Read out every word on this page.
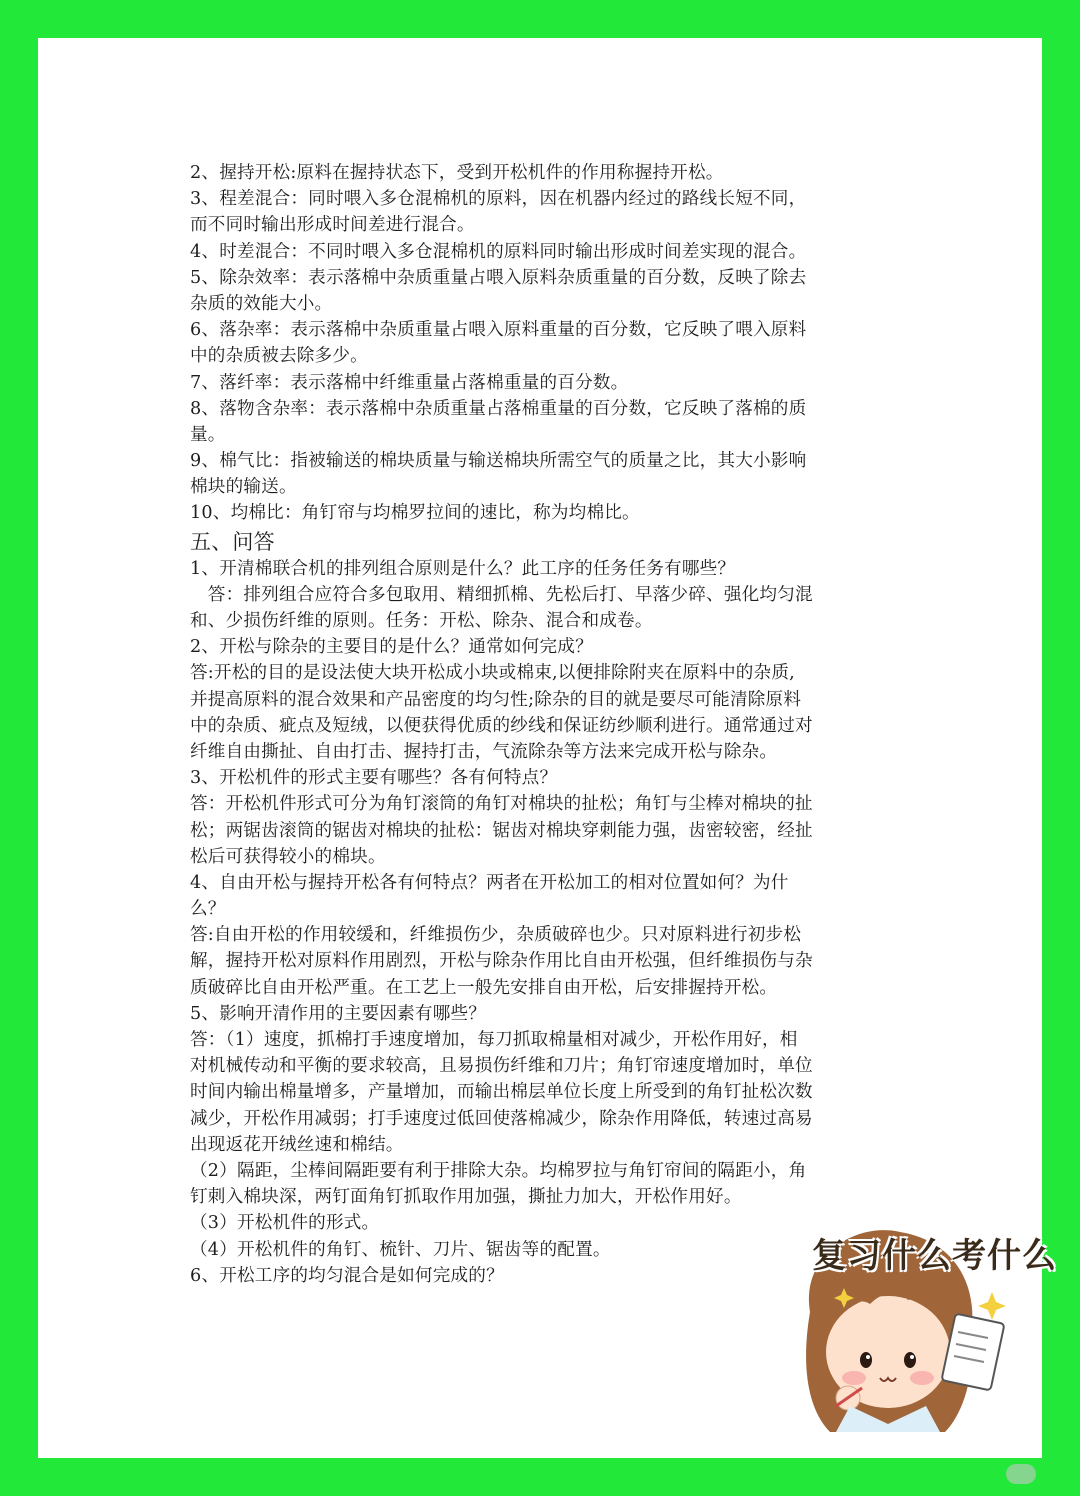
2、握持开松:原料在握持状态下，受到开松机件的作用称握持开松。
3、程差混合：同时喂入多仓混棉机的原料，因在机器内经过的路线长短不同，
而不同时输出形成时间差进行混合。
4、时差混合：不同时喂入多仓混棉机的原料同时输出形成时间差实现的混合。
5、除杂效率：表示落棉中杂质重量占喂入原料杂质重量的百分数，反映了除去
杂质的效能大小。
6、落杂率：表示落棉中杂质重量占喂入原料重量的百分数，它反映了喂入原料
中的杂质被去除多少。
7、落纤率：表示落棉中纤维重量占落棉重量的百分数。
8、落物含杂率：表示落棉中杂质重量占落棉重量的百分数，它反映了落棉的质
量。
9、棉气比：指被输送的棉块质量与输送棉块所需空气的质量之比，其大小影响
棉块的输送。
10、均棉比：角钉帘与均棉罗拉间的速比，称为均棉比。
五、问答
1、开清棉联合机的排列组合原则是什么？此工序的任务任务有哪些？
　答：排列组合应符合多包取用、精细抓棉、先松后打、早落少碎、强化均匀混
和、少损伤纤维的原则。任务：开松、除杂、混合和成卷。
2、开松与除杂的主要目的是什么？通常如何完成？
答:开松的目的是设法使大块开松成小块或棉束,以便排除附夹在原料中的杂质,
并提高原料的混合效果和产品密度的均匀性;除杂的目的就是要尽可能清除原料
中的杂质、疵点及短绒，以便获得优质的纱线和保证纺纱顺利进行。通常通过对
纤维自由撕扯、自由打击、握持打击，气流除杂等方法来完成开松与除杂。
3、开松机件的形式主要有哪些？各有何特点？
答：开松机件形式可分为角钉滚筒的角钉对棉块的扯松；角钉与尘棒对棉块的扯
松；两锯齿滚筒的锯齿对棉块的扯松：锯齿对棉块穿刺能力强，齿密较密，经扯
松后可获得较小的棉块。
4、自由开松与握持开松各有何特点？两者在开松加工的相对位置如何？为什
么？
答:自由开松的作用较缓和，纤维损伤少，杂质破碎也少。只对原料进行初步松
解，握持开松对原料作用剧烈，开松与除杂作用比自由开松强，但纤维损伤与杂
质破碎比自由开松严重。在工艺上一般先安排自由开松，后安排握持开松。
5、影响开清作用的主要因素有哪些？
答：（1）速度，抓棉打手速度增加，每刀抓取棉量相对减少，开松作用好，相
对机械传动和平衡的要求较高，且易损伤纤维和刀片；角钉帘速度增加时，单位
时间内输出棉量增多，产量增加，而输出棉层单位长度上所受到的角钉扯松次数
减少，开松作用减弱；打手速度过低回使落棉减少，除杂作用降低，转速过高易
出现返花开绒丝速和棉结。
（2）隔距，尘棒间隔距要有利于排除大杂。均棉罗拉与角钉帘间的隔距小，角
钉刺入棉块深，两钉面角钉抓取作用加强，撕扯力加大，开松作用好。
（3）开松机件的形式。
（4）开松机件的角钉、梳针、刀片、锯齿等的配置。
6、开松工序的均匀混合是如何完成的？	复习什么考什么
